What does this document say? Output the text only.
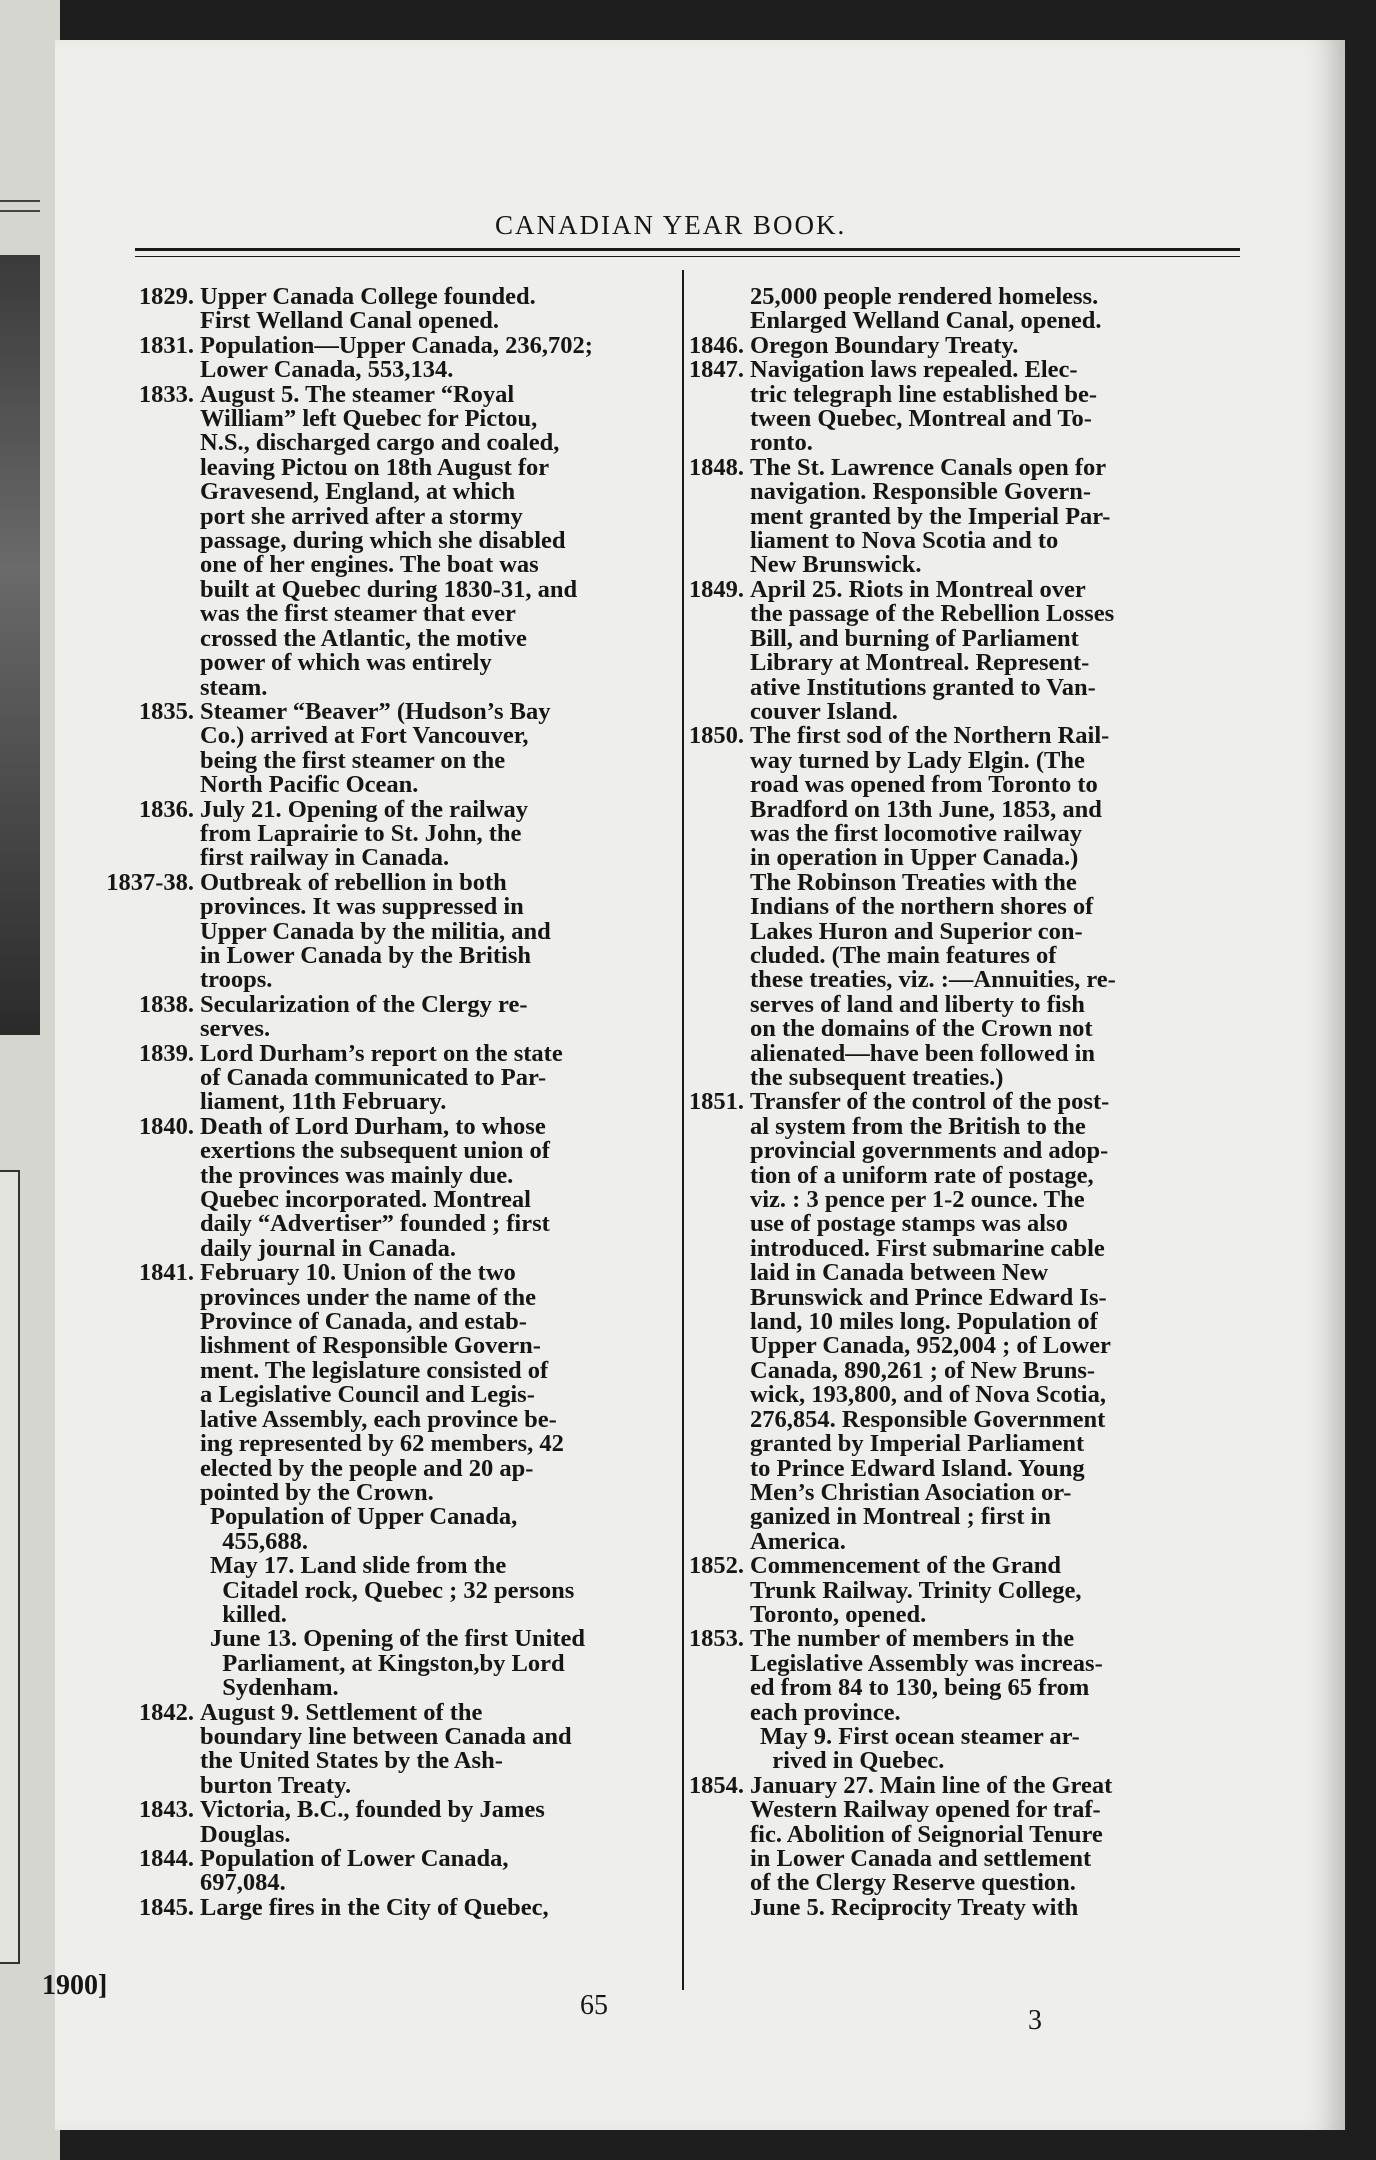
CANADIAN YEAR BOOK.
1829. Upper Canada College founded.
First Welland Canal opened.
1831. Population—Upper Canada, 236,702;
Lower Canada, 553,134.
1833. August 5. The steamer “Royal
William” left Quebec for Pictou,
N.S., discharged cargo and coaled,
leaving Pictou on 18th August for
Gravesend, England, at which
port she arrived after a stormy
passage, during which she disabled
one of her engines. The boat was
built at Quebec during 1830-31, and
was the first steamer that ever
crossed the Atlantic, the motive
power of which was entirely
steam.
1835. Steamer “Beaver” (Hudson’s Bay
Co.) arrived at Fort Vancouver,
being the first steamer on the
North Pacific Ocean.
1836. July 21. Opening of the railway
from Laprairie to St. John, the
first railway in Canada.
1837-38. Outbreak of rebellion in both
provinces. It was suppressed in
Upper Canada by the militia, and
in Lower Canada by the British
troops.
1838. Secularization of the Clergy re-
serves.
1839. Lord Durham’s report on the state
of Canada communicated to Par-
liament, 11th February.
1840. Death of Lord Durham, to whose
exertions the subsequent union of
the provinces was mainly due.
Quebec incorporated. Montreal
daily “Advertiser” founded ; first
daily journal in Canada.
1841. February 10. Union of the two
provinces under the name of the
Province of Canada, and estab-
lishment of Responsible Govern-
ment. The legislature consisted of
a Legislative Council and Legis-
lative Assembly, each province be-
ing represented by 62 members, 42
elected by the people and 20 ap-
pointed by the Crown.
Population of Upper Canada,
455,688.
May 17. Land slide from the
Citadel rock, Quebec ; 32 persons
killed.
June 13. Opening of the first United
Parliament, at Kingston,by Lord
Sydenham.
1842. August 9. Settlement of the
boundary line between Canada and
the United States by the Ash-
burton Treaty.
1843. Victoria, B.C., founded by James
Douglas.
1844. Population of Lower Canada,
697,084.
1845. Large fires in the City of Quebec,
25,000 people rendered homeless.
Enlarged Welland Canal, opened.
1846. Oregon Boundary Treaty.
1847. Navigation laws repealed. Elec-
tric telegraph line established be-
tween Quebec, Montreal and To-
ronto.
1848. The St. Lawrence Canals open for
navigation. Responsible Govern-
ment granted by the Imperial Par-
liament to Nova Scotia and to
New Brunswick.
1849. April 25. Riots in Montreal over
the passage of the Rebellion Losses
Bill, and burning of Parliament
Library at Montreal. Represent-
ative Institutions granted to Van-
couver Island.
1850. The first sod of the Northern Rail-
way turned by Lady Elgin. (The
road was opened from Toronto to
Bradford on 13th June, 1853, and
was the first locomotive railway
in operation in Upper Canada.)
The Robinson Treaties with the
Indians of the northern shores of
Lakes Huron and Superior con-
cluded. (The main features of
these treaties, viz. :—Annuities, re-
serves of land and liberty to fish
on the domains of the Crown not
alienated—have been followed in
the subsequent treaties.)
1851. Transfer of the control of the post-
al system from the British to the
provincial governments and adop-
tion of a uniform rate of postage,
viz. : 3 pence per 1-2 ounce. The
use of postage stamps was also
introduced. First submarine cable
laid in Canada between New
Brunswick and Prince Edward Is-
land, 10 miles long. Population of
Upper Canada, 952,004 ; of Lower
Canada, 890,261 ; of New Bruns-
wick, 193,800, and of Nova Scotia,
276,854. Responsible Government
granted by Imperial Parliament
to Prince Edward Island. Young
Men’s Christian Asociation or-
ganized in Montreal ; first in
America.
1852. Commencement of the Grand
Trunk Railway. Trinity College,
Toronto, opened.
1853. The number of members in the
Legislative Assembly was increas-
ed from 84 to 130, being 65 from
each province.
May 9. First ocean steamer ar-
rived in Quebec.
1854. January 27. Main line of the Great
Western Railway opened for traf-
fic. Abolition of Seignorial Tenure
in Lower Canada and settlement
of the Clergy Reserve question.
June 5. Reciprocity Treaty with
1900]
65	3
